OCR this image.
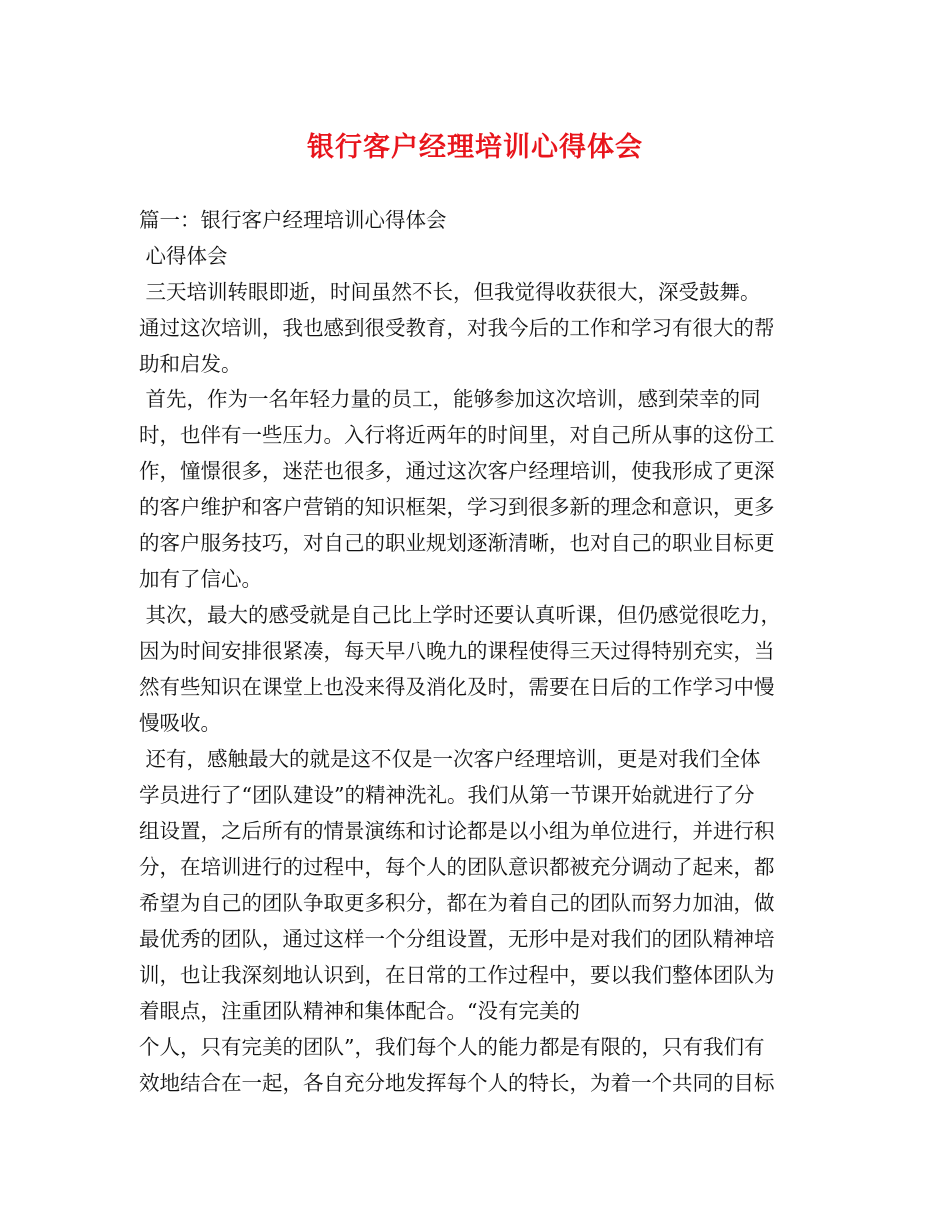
银行客户经理培训心得体会
篇一：银行客户经理培训心得体会
心得体会
三天培训转眼即逝，时间虽然不长，但我觉得收获很大，深受鼓舞。
通过这次培训，我也感到很受教育，对我今后的工作和学习有很大的帮
助和启发。
首先，作为一名年轻力量的员工，能够参加这次培训，感到荣幸的同
时，也伴有一些压力。入行将近两年的时间里，对自己所从事的这份工
作，憧憬很多，迷茫也很多，通过这次客户经理培训，使我形成了更深
的客户维护和客户营销的知识框架，学习到很多新的理念和意识，更多
的客户服务技巧，对自己的职业规划逐渐清晰，也对自己的职业目标更
加有了信心。
其次，最大的感受就是自己比上学时还要认真听课，但仍感觉很吃力，
因为时间安排很紧凑，每天早八晚九的课程使得三天过得特别充实，当
然有些知识在课堂上也没来得及消化及时，需要在日后的工作学习中慢
慢吸收。
还有，感触最大的就是这不仅是一次客户经理培训，更是对我们全体
学员进行了“团队建设”的精神洗礼。我们从第一节课开始就进行了分
组设置，之后所有的情景演练和讨论都是以小组为单位进行，并进行积
分，在培训进行的过程中，每个人的团队意识都被充分调动了起来，都
希望为自己的团队争取更多积分，都在为着自己的团队而努力加油，做
最优秀的团队，通过这样一个分组设置，无形中是对我们的团队精神培
训，也让我深刻地认识到，在日常的工作过程中，要以我们整体团队为
着眼点，注重团队精神和集体配合。“没有完美的
个人，只有完美的团队”，我们每个人的能力都是有限的，只有我们有
效地结合在一起，各自充分地发挥每个人的特长，为着一个共同的目标
